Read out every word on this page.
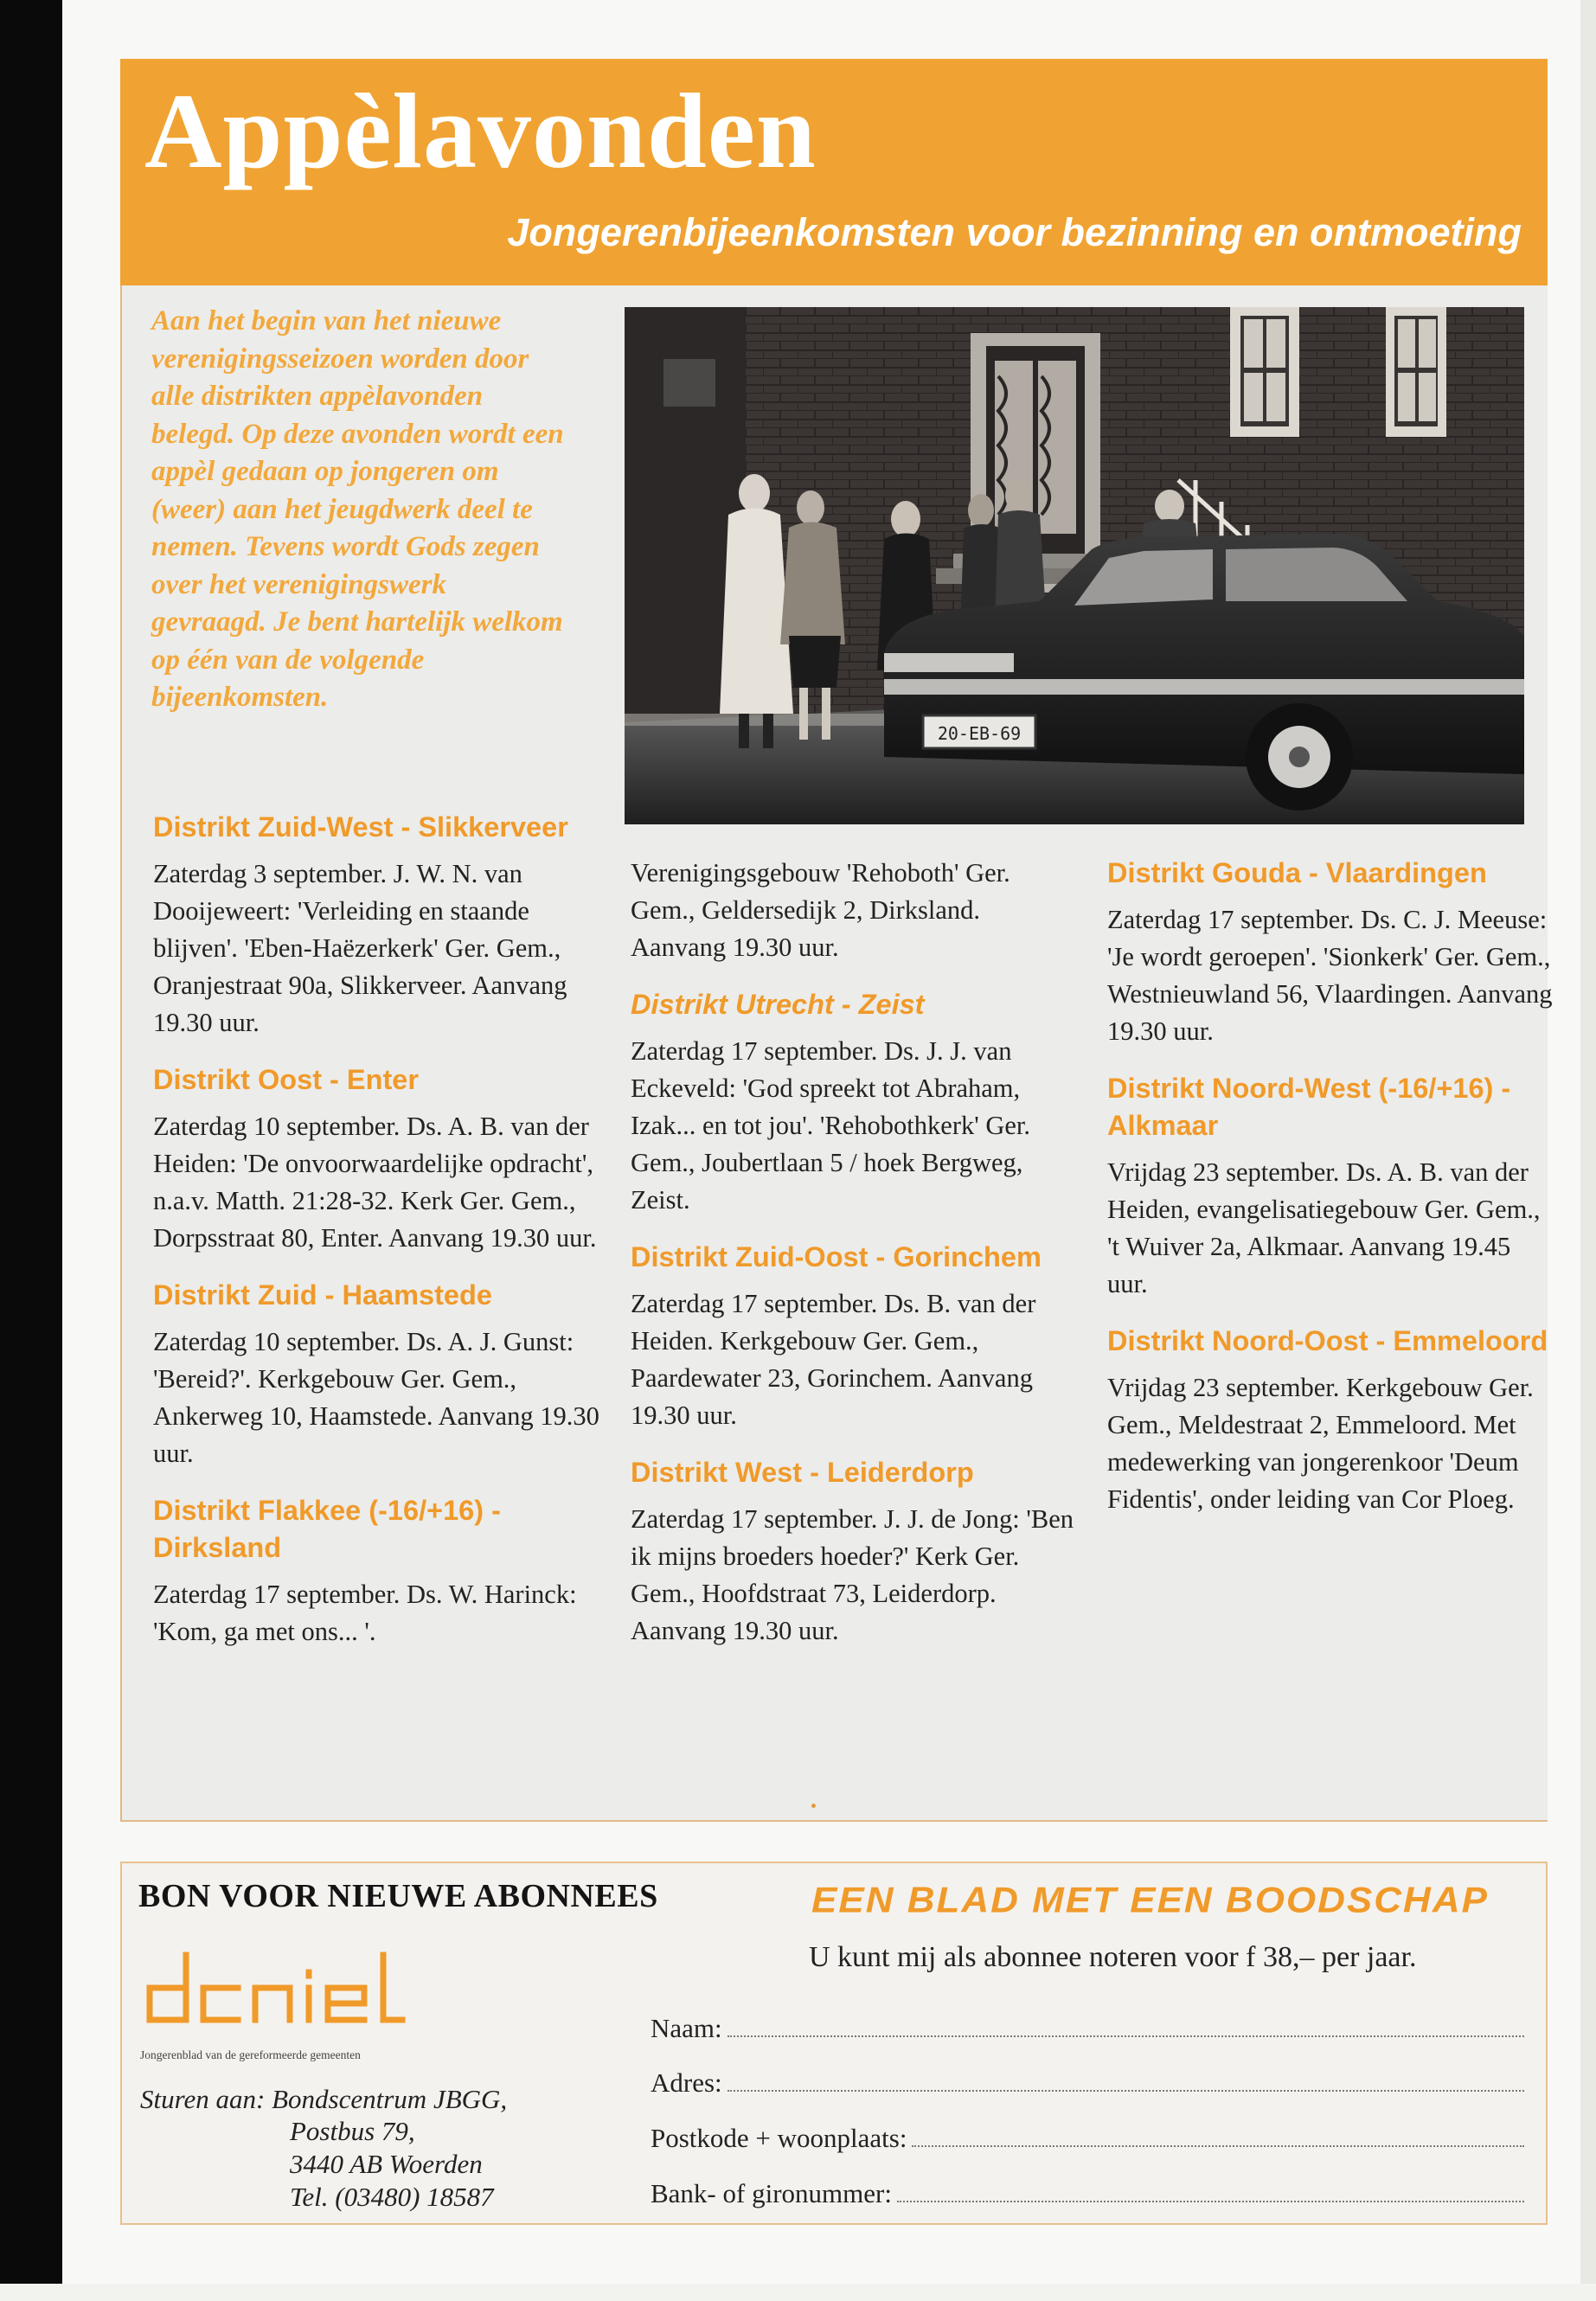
Appèlavonden
Jongerenbijeenkomsten voor bezinning en ontmoeting
Aan het begin van het nieuwe verenigingsseizoen worden door alle distrikten appèlavonden belegd. Op deze avonden wordt een appèl gedaan op jongeren om (weer) aan het jeugdwerk deel te nemen. Tevens wordt Gods zegen over het verenigingswerk gevraagd. Je bent hartelijk welkom op één van de volgende bijeenkomsten.
20-EB-69
Distrikt Zuid-West - Slikkerveer
Zaterdag 3 september. J. W. N. van Dooijeweert: 'Verleiding en staande blijven'. 'Eben-Haëzerkerk' Ger. Gem., Oranjestraat 90a, Slikkerveer. Aanvang 19.30 uur.
Distrikt Oost - Enter
Zaterdag 10 september. Ds. A. B. van der Heiden: 'De onvoorwaardelijke opdracht', n.a.v. Matth. 21:28-32. Kerk Ger. Gem., Dorpsstraat 80, Enter. Aanvang 19.30 uur.
Distrikt Zuid - Haamstede
Zaterdag 10 september. Ds. A. J. Gunst: 'Bereid?'. Kerkgebouw Ger. Gem., Ankerweg 10, Haamstede. Aanvang 19.30 uur.
Distrikt Flakkee (-16/+16) - Dirksland
Zaterdag 17 september. Ds. W. Harinck: 'Kom, ga met ons... '.
Verenigingsgebouw 'Rehoboth' Ger. Gem., Geldersedijk 2, Dirksland. Aanvang 19.30 uur.
Distrikt Utrecht - Zeist
Zaterdag 17 september. Ds. J. J. van Eckeveld: 'God spreekt tot Abraham, Izak... en tot jou'. 'Rehobothkerk' Ger. Gem., Joubertlaan 5 / hoek Bergweg, Zeist.
Distrikt Zuid-Oost - Gorinchem
Zaterdag 17 september. Ds. B. van der Heiden. Kerkgebouw Ger. Gem., Paardewater 23, Gorinchem. Aanvang 19.30 uur.
Distrikt West - Leiderdorp
Zaterdag 17 september. J. J. de Jong: 'Ben ik mijns broeders hoeder?' Kerk Ger. Gem., Hoofdstraat 73, Leiderdorp. Aanvang 19.30 uur.
Distrikt Gouda - Vlaardingen
Zaterdag 17 september. Ds. C. J. Meeuse: 'Je wordt geroepen'. 'Sionkerk' Ger. Gem., Westnieuwland 56, Vlaardingen. Aanvang 19.30 uur.
Distrikt Noord-West (-16/+16) - Alkmaar
Vrijdag 23 september. Ds. A. B. van der Heiden, evangelisatiegebouw Ger. Gem., 't Wuiver 2a, Alkmaar. Aanvang 19.45 uur.
Distrikt Noord-Oost - Emmeloord
Vrijdag 23 september. Kerkgebouw Ger. Gem., Meldestraat 2, Emmeloord. Met medewerking van jongerenkoor 'Deum Fidentis', onder leiding van Cor Ploeg.
BON VOOR NIEUWE ABONNEES
Jongerenblad van de gereformeerde gemeenten
Sturen aan: Bondscentrum JBGG,
Postbus 79,
3440 AB Woerden
Tel. (03480) 18587
EEN BLAD MET EEN BOODSCHAP
U kunt mij als abonnee noteren voor f 38,– per jaar.
Naam:
Adres:
Postkode + woonplaats:
Bank- of gironummer:
